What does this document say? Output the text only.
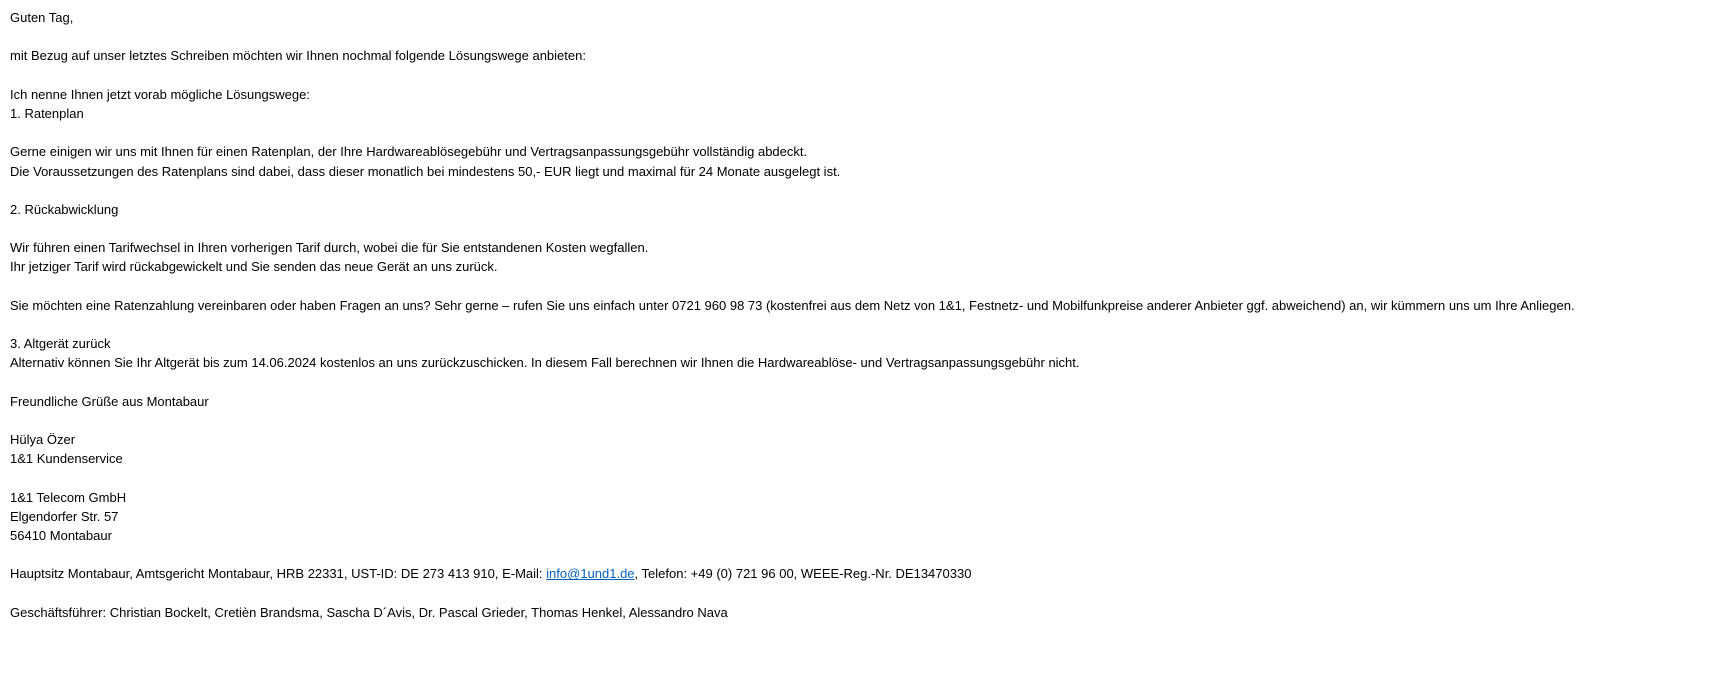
Guten Tag,
mit Bezug auf unser letztes Schreiben möchten wir Ihnen nochmal folgende Lösungswege anbieten:
Ich nenne Ihnen jetzt vorab mögliche Lösungswege:
1. Ratenplan
Gerne einigen wir uns mit Ihnen für einen Ratenplan, der Ihre Hardwareablösegebühr und Vertragsanpassungsgebühr vollständig abdeckt.
Die Voraussetzungen des Ratenplans sind dabei, dass dieser monatlich bei mindestens 50,- EUR liegt und maximal für 24 Monate ausgelegt ist.
2. Rückabwicklung
Wir führen einen Tarifwechsel in Ihren vorherigen Tarif durch, wobei die für Sie entstandenen Kosten wegfallen.
Ihr jetziger Tarif wird rückabgewickelt und Sie senden das neue Gerät an uns zurück.
Sie möchten eine Ratenzahlung vereinbaren oder haben Fragen an uns? Sehr gerne – rufen Sie uns einfach unter 0721 960 98 73 (kostenfrei aus dem Netz von 1&1, Festnetz- und Mobilfunkpreise anderer Anbieter ggf. abweichend) an, wir kümmern uns um Ihre Anliegen.
3. Altgerät zurück
Alternativ können Sie Ihr Altgerät bis zum 14.06.2024 kostenlos an uns zurückzuschicken. In diesem Fall berechnen wir Ihnen die Hardwareablöse- und Vertragsanpassungsgebühr nicht.
Freundliche Grüße aus Montabaur
Hülya Özer
1&1 Kundenservice
1&1 Telecom GmbH
Elgendorfer Str. 57
56410 Montabaur
Hauptsitz Montabaur, Amtsgericht Montabaur, HRB 22331, UST-ID: DE 273 413 910, E-Mail: info@1und1.de, Telefon: +49 (0) 721 96 00, WEEE-Reg.-Nr. DE13470330
Geschäftsführer: Christian Bockelt, Cretièn Brandsma, Sascha D´Avis, Dr. Pascal Grieder, Thomas Henkel, Alessandro Nava
